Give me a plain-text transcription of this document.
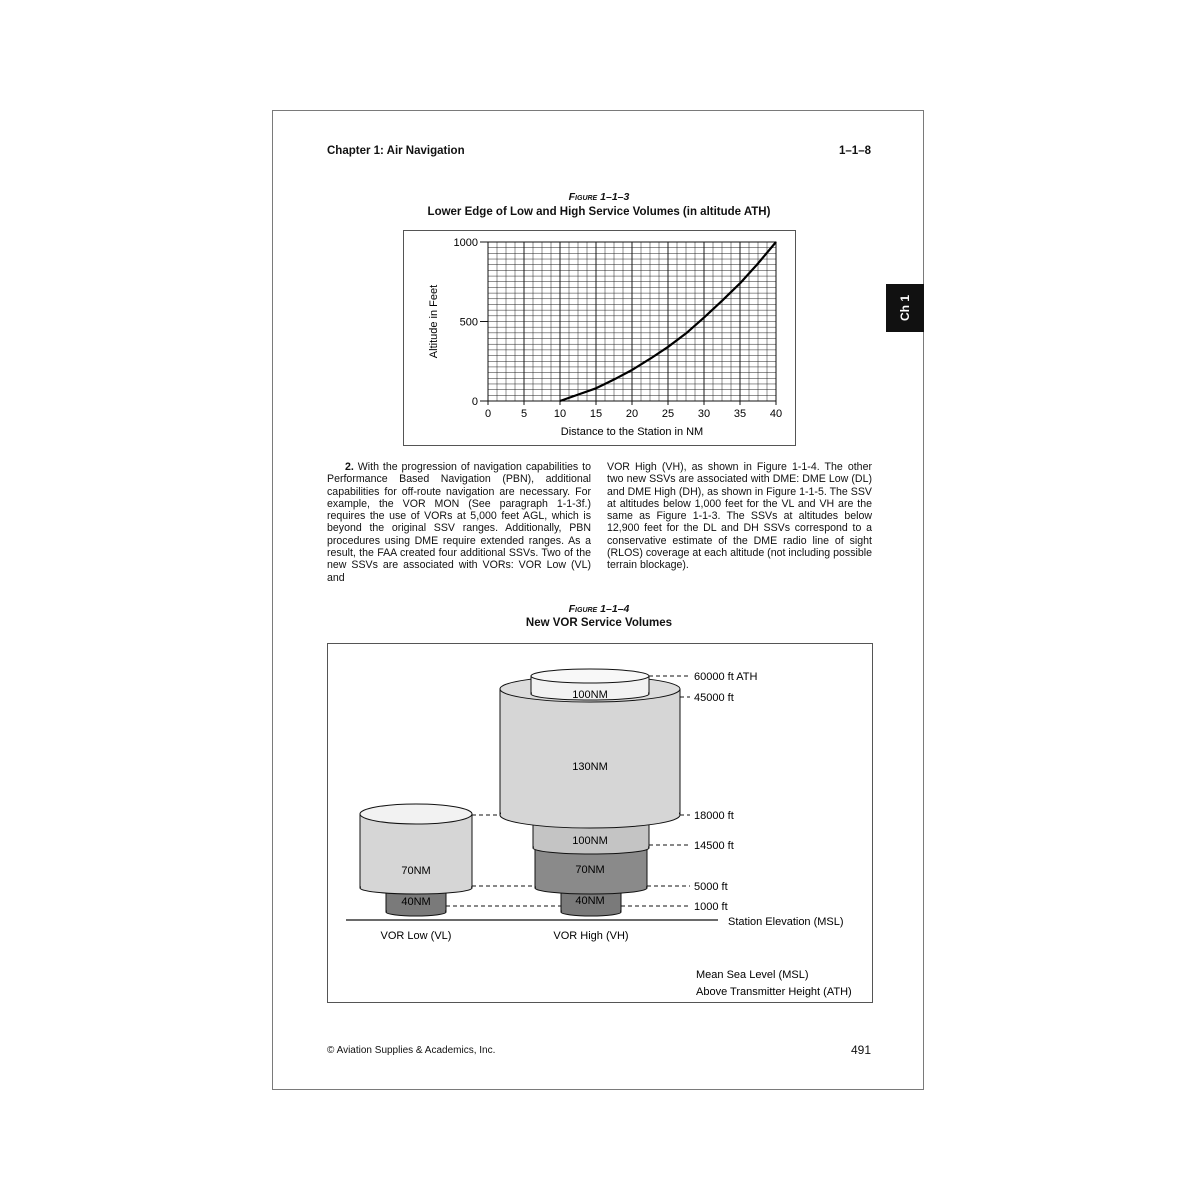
Chapter 1: Air Navigation	1–1–8
Figure 1–1–3
Lower Edge of Low and High Service Volumes (in altitude ATH)
0	5 10 15 20 25 30 35 40
0
500
1000
Distance to the Station in NM
Altitude in Feet

2. With the progression of navigation capabilities to Performance Based Navigation (PBN), additional capabilities for off-route navigation are necessary. For example, the VOR MON (See paragraph 1-1-3f.) requires the use of VORs at 5,000 feet AGL, which is beyond the original SSV ranges. Additionally, PBN procedures using DME require extended ranges. As a result, the FAA created four additional SSVs. Two of the new SSVs are associated with VORs: VOR Low (VL) and

VOR High (VH), as shown in Figure 1-1-4. The other two new SSVs are associated with DME: DME Low (DL) and DME High (DH), as shown in Figure 1-1-5. The SSV at altitudes below 1,000 feet for the VL and VH are the same as Figure 1-1-3. The SSVs at altitudes below 12,900 feet for the DL and DH SSVs correspond to a conservative estimate of the DME radio line of sight (RLOS) coverage at each altitude (not including possible terrain blockage).

Figure 1–1–4
New VOR Service Volumes
70NM
40NM
100NM
130NM
100NM
70NM
40NM
60000 ft ATH
45000 ft
18000 ft
14500 ft
5000 ft
1000 ft
Station Elevation (MSL)
VOR Low (VL)	VOR High (VH)
Mean Sea Level (MSL)
Above Transmitter Height (ATH)
© Aviation Supplies & Academics, Inc.	491
Ch 1
